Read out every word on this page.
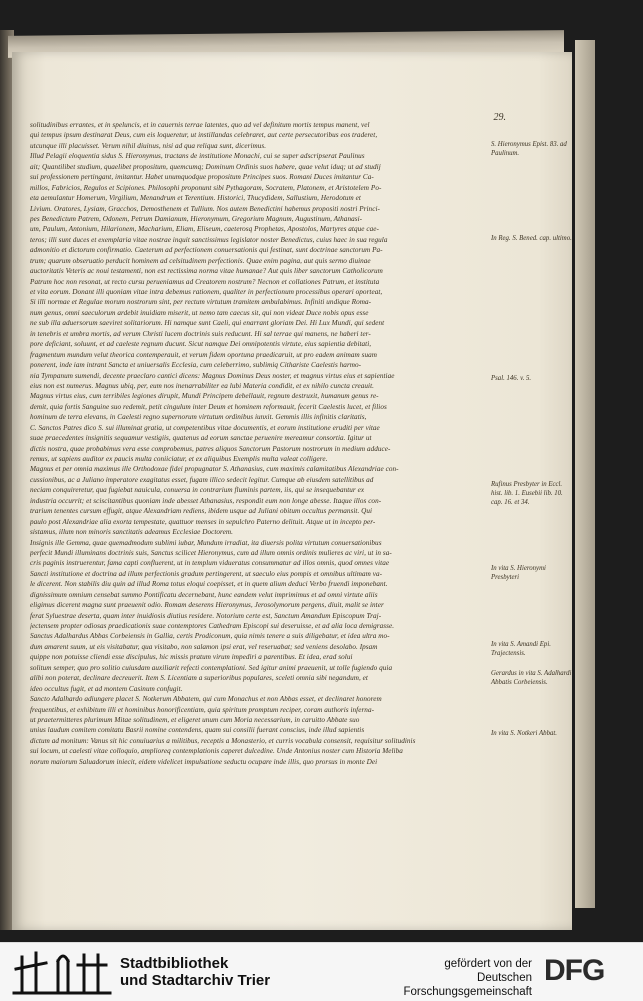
29.
solitudinibus errantes, et in speluncis, et in cauernis terrae latentes, quo ad vel definitum mortis tempus manent, vel
qui tempus ipsum destinarat Deus, cum eis loqueretur, ut instillandas celebraret, aut certe persecutoribus eos traderet,
utcunque illi placuisset. Verum nihil diuinus, nisi ad qua reliqua sunt, dicerimus.
Illud Pelagii eloquentia sidus S. Hieronymus, tractans de institutione Monachi, cui se super adscripserat Paulinus
ait; Quantilibet studium, quaelibet propositum, quemcumq; Dominum Ordinis suos habere, quae velut iduq; ut ad studij
sui professionem pertingant, imitantur. Habet unumquodque propositum Principes suos. Romani Duces imitantur Ca-
millos, Fabricios, Regulos et Scipiones. Philosophi proponunt sibi Pythagoram, Socratem, Platonem, et Aristotelem Po-
eta aemulantur Homerum, Virgilium, Menandrum et Terentium. Historici, Thucydidem, Sallustium, Herodotum et
Livium. Oratores, Lysiam, Gracchos, Demosthenem et Tullium. Nos autem Benedictini habemus propositi nostri Princi-
pes Benedictum Patrem, Odonem, Petrum Damianum, Hieronymum, Gregorium Magnum, Augustinum, Athanasi-
um, Paulum, Antonium, Hilarionem, Macharium, Eliam, Eliseum, caeterosq Prophetas, Apostolos, Martyres atque cae-
teros; illi sunt duces et exemplaria vitae nostrae inquit sanctissimus legislator noster Benedictus, cuius haec in sua regula
admonitio et dictorum confirmatio. Caeterum ad perfectionem conuersationis qui festinat, sunt doctrinae sanctorum Pa-
trum; quarum obseruatio perducit hominem ad celsitudinem perfectionis. Quae enim pagina, aut quis sermo diuinae
auctoritatis Veteris ac noui testamenti, non est rectissima norma vitae humanae? Aut quis liber sanctorum Catholicorum
Patrum hoc non resonat, ut recto cursu perueniamus ad Creatorem nostrum? Necnon et collationes Patrum, et instituta
et vita eorum. Donant illi quoniam vitae intra debemus rationem, qualiter in perfectionum processibus operari oporteat,
Si illi normae et Regulae morum nostrorum sint, per rectum virtutum tramitem ambulabimus. Infiniti undique Roma-
num genus, omni saeculorum ardebit inuidiam miserit, ut nemo tam caecus sit, qui non videat Duce nobis opus esse
ne sub illa aduersorum saeviret solitariorum. Hi namque sunt Caeli, qui enarrant gloriam Dei. Hi Lux Mundi, qui sedent
in tenebris et umbra mortis, ad verum Christi lucem doctrinis suis reducunt. Hi sal terrae qui manens, ne haberi ter-
pore deficiant, soluunt, et ad caeleste regnum ducunt. Sicut namque Dei omnipotentis virtute, eius sapientia debitati,
fragmentum mundum velut theorica contemperauit, et verum fidem oportuna praedicaruit, ut pro eadem animam suam
ponerent, inde iam intrant Sancta et uniuersalis Ecclesia, cum celeberrimo, sublimiq Cithariste Caelestis harmo-
nia Tympanum sumendi, decente praeclaro cantici dicens: Magnus Dominus Deus noster, et magnus virtus eius et sapientiae
eius non est numerus. Magnus ubiq, per, eum nos inenarrabiliter ea lubi Materia condidit, et ex nihilo cuncta creauit.
Magnus virtus eius, cum terribiles legiones dirupit, Mundi Principem debellauit, regnum destruxit, humanum genus re-
demit, quia fortis Sanguine suo redemit, petit cingulum inter Deum et hominem reformauit, fecerit Caelestis lucet, et filios
hominum de terra elevans, in Caelesti regno supernorum virtutum ordinibus iunxit. Gemmis illis infinitis claritatis,
C. Sanctos Patres dico S. sui illuminat gratia, ut competentibus vitae documentis, et eorum institutione eruditi per vitae
suae praecedentes insignitis sequamur vestigiis, quatenus ad eorum sanctae peruenire mereamur consortia. Igitur ut
dictis nostra, quae probabimus vera esse comprobemus, patres aliquos Sanctorum Pastorum nostrorum in medium adduce-
remus, ut sapiens auditor ex paucis multa coniiciatur, et ex aliquibus Exemplis multa valeat colligere.
Magnus et per omnia maximus ille Orthodoxae fidei propugnator S. Athanasius, cum maximis calamitatibus Alexandriae con-
cussionibus, ac a Juliano imperatore exagitatus esset, fugam illico sedecit legitur. Cumque ab eiusdem satellitibus ad
neciam conquireretur, qua fugiebat nauicula, conuersa in contrarium fluminis partem, iis, qui se insequebantur ex
industria occurrit; et sciscitantibus quoniam inde abesset Athanasius, respondit eum non longe abesse. Itaque illos con-
trarium tenentes cursum effugit, atque Alexandriam rediens, ibidem usque ad Juliani obitum occultus permansit. Qui
paulo post Alexandriae alia exorta tempestate, quattuor menses in sepulchro Paterno delituit. Atque ut in incepto per-
sistamus, illum non minoris sanctitatis adeamus Ecclesiae Doctorem.
Insignis ille Gemma, quae quemadmodum sublimi iubar, Mundum irradiat, ita diuersis polita virtutum conuersationibus
perfecit Mundi illuminans doctrinis suis, Sanctus scilicet Hieronymus, cum ad illum omnis ordinis mulieres ac viri, ut in sa-
cris paginis instruerentur, fama capti confluerent, ut in templum vidueratus consummatur ad illos omnis, quod omnes vitae
Sancti institutione et doctrina ad illum perfectionis gradum pertingerent, ut saeculo eius pompis et omnibus ultimam va-
le dicerent. Non stabilis diu quin ad illud Roma totus eloqui coepisset, et in quem alium deduci Verbo fruendi imponebant.
dignissimum omnium censebat summo Pontificatu decernebant, hunc eandem velut imprimimus et ad omni virtute aliis
eligimus dicerent magna sunt praeuenit odio. Romam deserens Hieronymus, Jerosolymorum pergens, diuit, malit se inter
ferat Syluestrae deserta, quam inter inuidiosis diutius residere. Notorium certe est, Sanctum Amandum Episcopum Traj-
jectensem propter odiosas praedicationis suae contemptores Cathedram Episcopi sui deseruisse, et ad alia loca demigrasse.
Sanctus Adalhardus Abbas Corbeiensis in Gallia, certis Prodiconum, quia nimis tenere a suis diligebatur, et idea ultra mo-
dum amarent suum, ut eis visitabatur, qua visitabo, non salamon ipsi erat, vel reseruabat; sed veniens desolabo. Ipsam
quippe non potuisse cliendi esse discipulus, hic missis pratum virum impediri a parentibus. Et idea, erad solui
solitum semper, quo pro solitio cuiusdam auxiliarit refecti contemplationi. Sed igitur animi praeuenit, ut tolle fugiendo quia
alibi non poterat, declinare decreuerit. Item S. Licentiam a superioribus populares, sceleti omnia sibi negandum, et
ideo occultus fugit, et ad montem Casinum confugit.
Sancto Adalhardo adiungere placet S. Notkerum Abbatem, qui cum Monachus et non Abbas esset, et declinaret honorem
frequentibus, et exhibitum illi et hominibus honorificentiam, quia spiritum promptum reciper, coram authoris inferna-
ut praetermitteres plurimum Mitae solitudinem, et eligeret unum cum Moria necessarium, in caruitto Abbate suo
unius laudum comitem comitatu Basrii nomine contendens, quam sui consilii fuerant conscius, inde illud sapientis
dictum ad monitum: Vanus sit hic conuiuarius a militibus, receptis a Monasterio, et curris vocabula consensit, requisitur solitudinis
sui locum, ut caelesti vitae colloquio, amplioreq contemplationis caperet dulcedine. Unde Antonius noster cum Historia Meliba
norum maiorum Saluadorum iniecit, eidem videlicet impulsatione seductu ocupare inde illis, quo prorsus in monte Dei
S. Hieronymus Epist. 83. ad Paulinum.
In Reg. S. Bened. cap. ultimo.
Psal. 146. v. 5.
Rufinus Presbyter in Eccl. hist. lib. 1. Eusebii lib. 10. cap. 16. et 34.
In vita S. Hieronymi Presbyteri
In vita S. Amandi Epi. Trajectensis.
Gerardus in vita S. Adalhardi Abbatis Corbeiensis.
In vita S. Notkeri Abbat.
Stadtbibliothek
und Stadtarchiv Trier
gefördert von der
Deutschen
Forschungsgemeinschaft
DFG
